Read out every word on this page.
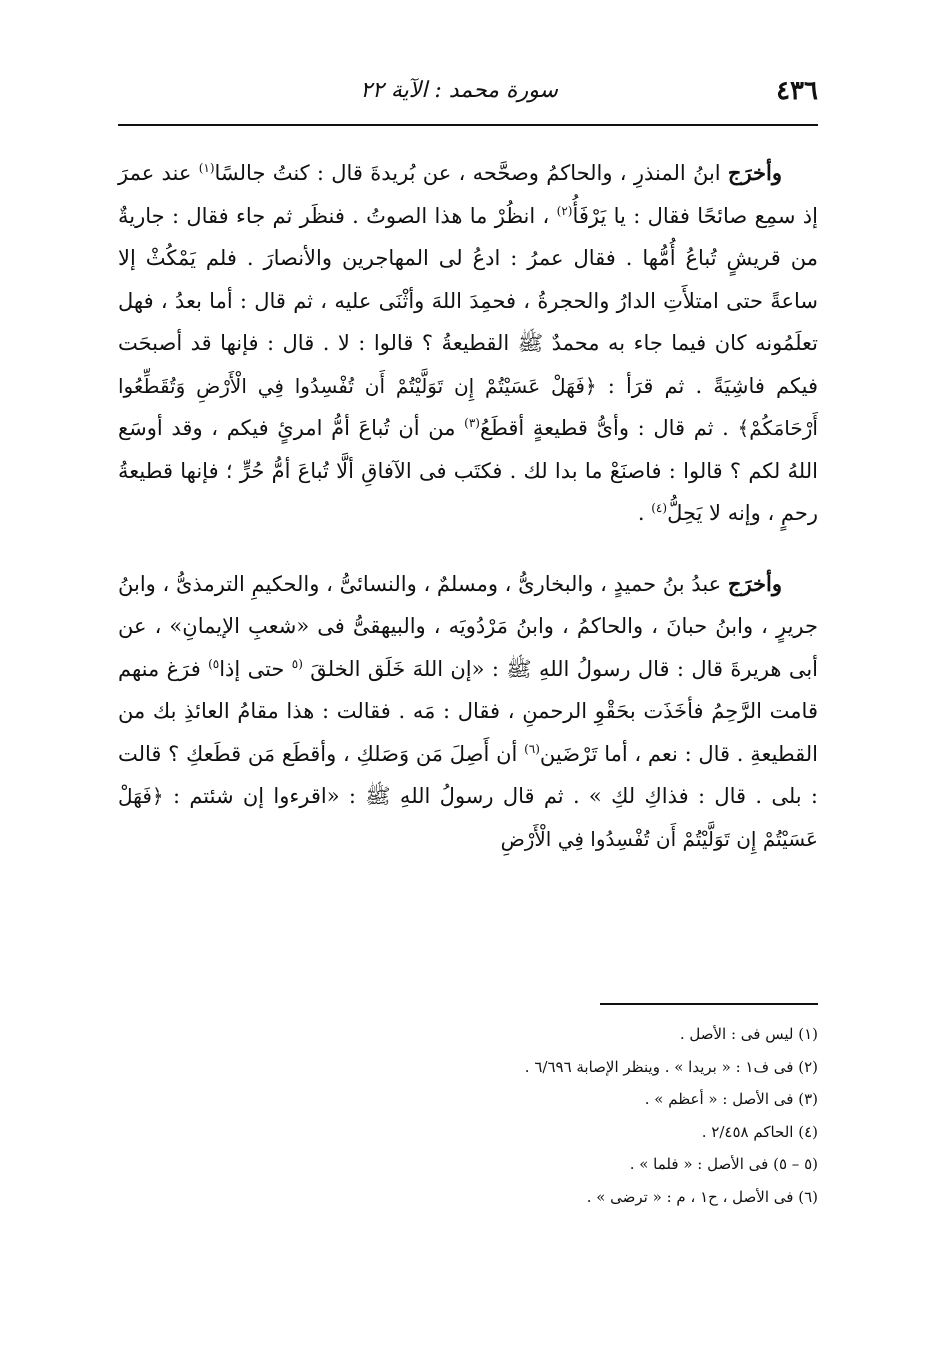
٤٣٦
سورة محمد : الآية ٢٢

وأخرَج ابنُ المنذرِ ، والحاكمُ وصحَّحه ، عن بُريدةَ قال : كنتُ جالسًا$^{(١)}$ عند عمرَ إذ سمِع صائحًا فقال : يا يَرْفَأُ$^{(٢)}$ ، انظُرْ ما هذا الصوتُ . فنظَر ثم جاء فقال : جاريةٌ من قريشٍ تُباعُ أُمُّها . فقال عمرُ : ادعُ لى المهاجرين والأنصارَ . فلم يَمْكُثْ إلا ساعةً حتى امتلأَتِ الدارُ والحجرةُ ، فحمِدَ اللهَ وأثْنَى عليه ، ثم قال : أما بعدُ ، فهل تعلَمُونه كان فيما جاء به محمدٌ ﷺ القطيعةُ ؟ قالوا : لا . قال : فإنها قد أصبحَت فيكم فاشِيَةً . ثم قرَأ : ﴿فَهَلْ عَسَيْتُمْ إِن تَوَلَّيْتُمْ أَن تُفْسِدُوا فِي الْأَرْضِ وَتُقَطِّعُوا أَرْحَامَكُمْ﴾ . ثم قال : وأىُّ قطيعةٍ أقطَعُ$^{(٣)}$ من أن تُباعَ أمُّ امرئٍ فيكم ، وقد أوسَع اللهُ لكم ؟ قالوا : فاصنَعْ ما بدا لك . فكتَب فى الآفاقِ ألَّا تُباعَ أمُّ حُرٍّ ؛ فإنها قطيعةُ رحمٍ ، وإنه لا يَحِلُّ$^{(٤)}$ .

وأخرَج عبدُ بنُ حميدٍ ، والبخارىُّ ، ومسلمٌ ، والنسائىُّ ، والحكيمِ الترمذىُّ ، وابنُ جريرٍ ، وابنُ حبانَ ، والحاكمُ ، وابنُ مَرْدُويَه ، والبيهقىُّ فى «شعبِ الإيمانِ» ، عن أبى هريرةَ قال : قال رسولُ اللهِ ﷺ : «إن اللهَ خَلَق الخلقَ $^{(٥}$ حتى إذا$^{٥)}$ فرَغ منهم قامت الرَّحِمُ فأخَذَت بحَقْوِ الرحمنِ ، فقال : مَه . فقالت : هذا مقامُ العائذِ بك من القطيعةِ . قال : نعم ، أما تَرْضَين$^{(٦)}$ أن أَصِلَ مَن وَصَلكِ ، وأقطَع مَن قطَعكِ ؟ قالت : بلى . قال : فذاكِ لكِ » . ثم قال رسولُ اللهِ ﷺ : «اقرءوا إن شئتم : ﴿فَهَلْ عَسَيْتُمْ إِن تَوَلَّيْتُمْ أَن تُفْسِدُوا فِي الْأَرْضِ

(١) ليس فى : الأصل .

(٢) فى ف١ : « بريدا » . وينظر الإصابة ٦/٦٩٦ .

(٣) فى الأصل : « أعظم » .

(٤) الحاكم ٢/٤٥٨ .

(٥ – ٥) فى الأصل : « فلما » .

(٦) فى الأصل ، ح١ ، م : « ترضى » .
